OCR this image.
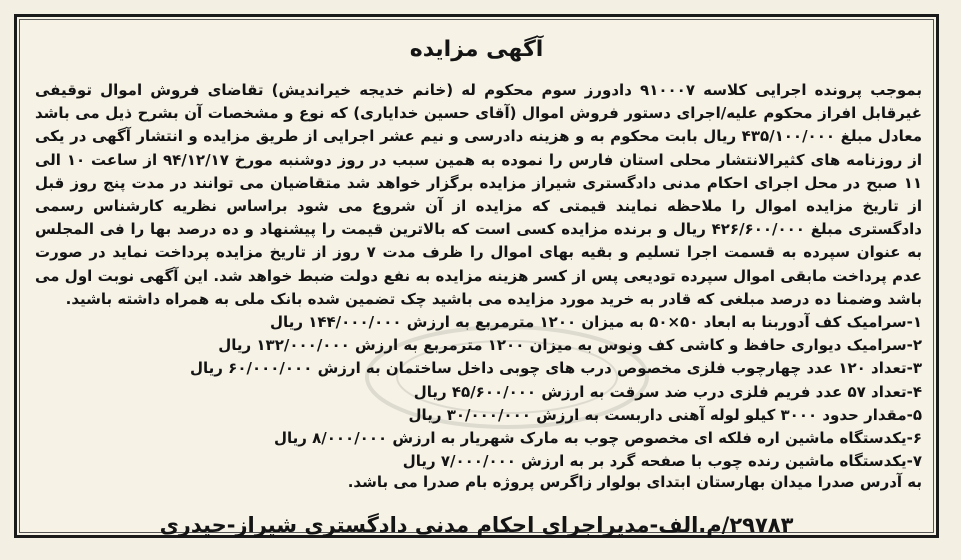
آگهی مزایده
بموجب پرونده اجرایی کلاسه ۹۱۰۰۰۷ دادورز سوم محکوم له (خانم خدیجه خیراندیش) تقاضای فروش اموال توقیفی غیرقابل افراز محکوم علیه/اجرای دستور فروش اموال (آقای حسین خدایاری) که نوع و مشخصات آن بشرح ذیل می باشد معادل مبلغ ۴۳۵/۱۰۰/۰۰۰ ریال بابت محکوم به و هزینه دادرسی و نیم عشر اجرایی از طریق مزایده و انتشار آگهی در یکی از روزنامه های کثیرالانتشار محلی استان فارس را نموده به همین سبب در روز دوشنبه مورخ ۹۴/۱۲/۱۷ از ساعت ۱۰ الی ۱۱ صبح در محل اجرای احکام مدنی دادگستری شیراز مزایده برگزار خواهد شد متقاضیان می توانند در مدت پنج روز قبل از تاریخ مزایده اموال را ملاحظه نمایند قیمتی که مزایده از آن شروع می شود براساس نظریه کارشناس رسمی دادگستری مبلغ ۴۲۶/۶۰۰/۰۰۰ ریال و برنده مزایده کسی است که بالاترین قیمت را پیشنهاد و ده درصد بها را فی المجلس به عنوان سپرده به قسمت اجرا تسلیم و بقیه بهای اموال را ظرف مدت ۷ روز از تاریخ مزایده پرداخت نماید در صورت عدم پرداخت مابقی اموال سپرده تودیعی پس از کسر هزینه مزایده به نفع دولت ضبط خواهد شد. این آگهی نوبت اول می باشد وضمنا ده درصد مبلغی که قادر به خرید مورد مزایده می باشید چک تضمین شده بانک ملی به همراه داشته باشید.
۱-سرامیک کف آدوربنا به ابعاد ۵۰×۵۰ به میزان ۱۲۰۰ مترمربع به ارزش ۱۴۴/۰۰۰/۰۰۰ ریال
۲-سرامیک دیواری حافظ و کاشی کف ونوس به میزان ۱۲۰۰ مترمربع به ارزش ۱۳۲/۰۰۰/۰۰۰ ریال
۳-تعداد ۱۲۰ عدد چهارچوب فلزی مخصوص درب های چوبی داخل ساختمان به ارزش ۶۰/۰۰۰/۰۰۰ ریال
۴-تعداد ۵۷ عدد فریم فلزی درب ضد سرقت به ارزش ۴۵/۶۰۰/۰۰۰ ریال
۵-مقدار حدود ۳۰۰۰ کیلو لوله آهنی داربست به ارزش ۳۰/۰۰۰/۰۰۰ ریال
۶-یکدستگاه ماشین اره فلکه ای مخصوص چوب به مارک شهریار به ارزش ۸/۰۰۰/۰۰۰ ریال
۷-یکدستگاه ماشین رنده چوب با صفحه گرد بر به ارزش ۷/۰۰۰/۰۰۰ ریال
به آدرس صدرا میدان بهارستان ابتدای بولوار زاگرس پروژه بام صدرا می باشد.
۲۹۷۸۳/م.الف-مدیراجرای احکام مدنی دادگستری شیراز-حیدری
